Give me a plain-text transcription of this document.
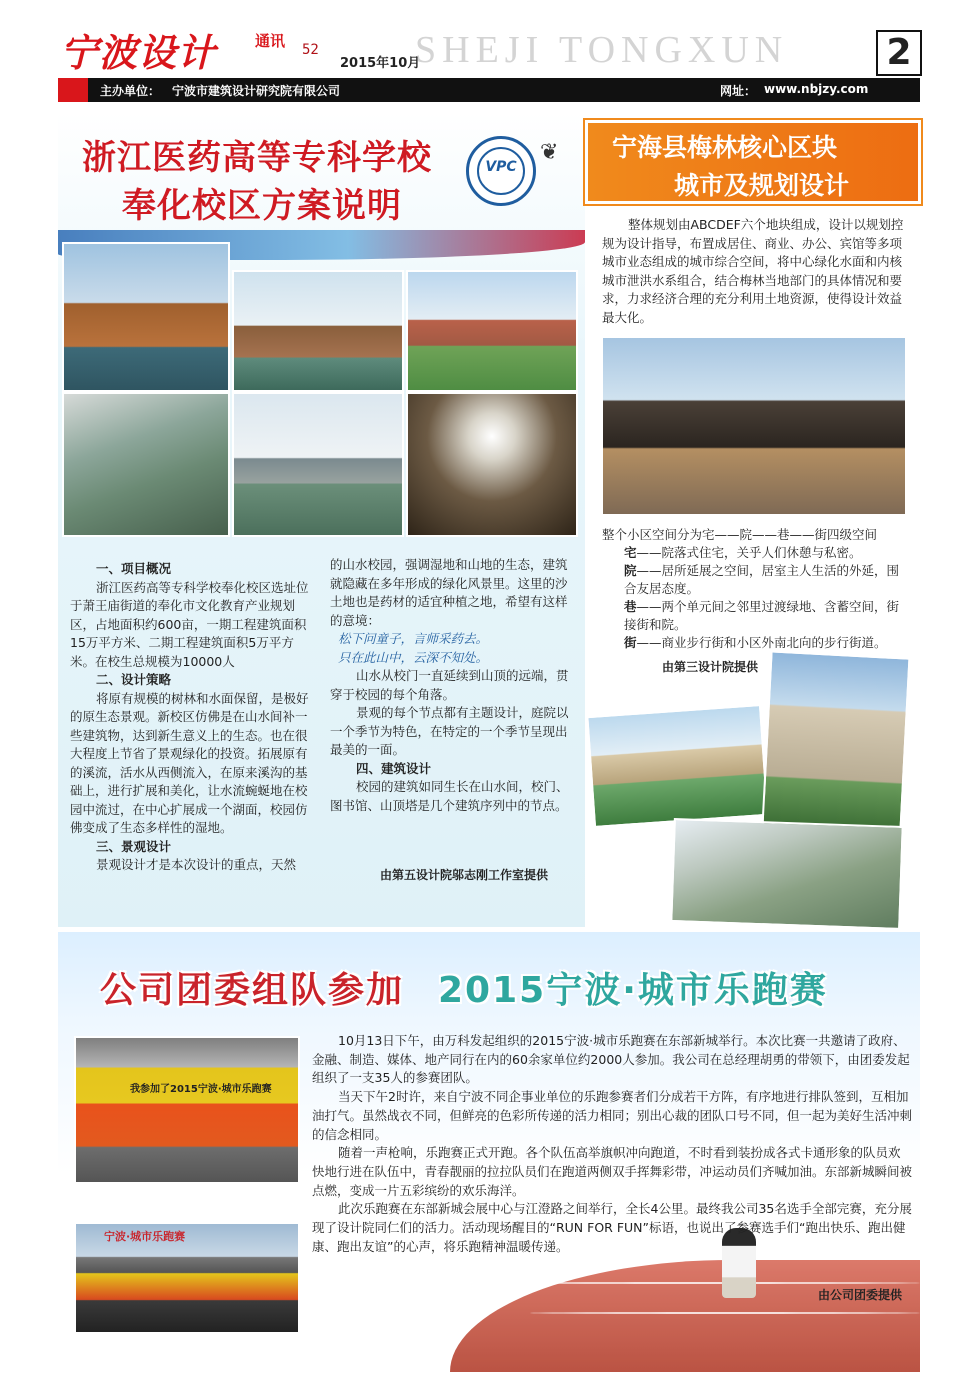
宁波设计	通讯 52
2015年10月
SHEJI TONGXUN	2
主办单位： 宁波市建筑设计研究院有限公司	网址： www.nbjzy.com
浙江医药高等专科学校
奉化校区方案说明
VPC
❦
一、项目概况
浙江医药高等专科学校奉化校区选址位于萧王庙街道的奉化市文化教育产业规划区，占地面积约600亩，一期工程建筑面积15万平方米、二期工程建筑面积5万平方米。在校生总规模为10000人
二、设计策略
将原有规模的树林和水面保留，是极好的原生态景观。新校区仿佛是在山水间补一些建筑物，达到新生意义上的生态。也在很大程度上节省了景观绿化的投资。拓展原有的溪流，活水从西侧流入，在原来溪沟的基础上，进行扩展和美化，让水流蜿蜒地在校园中流过，在中心扩展成一个湖面，校园仿佛变成了生态多样性的湿地。
三、景观设计
景观设计才是本次设计的重点，天然
的山水校园，强调湿地和山地的生态，建筑就隐藏在多年形成的绿化风景里。这里的沙土地也是药材的适宜种植之地，希望有这样的意境：
松下问童子，言师采药去。
只在此山中，云深不知处。
山水从校门一直延续到山顶的远端，贯穿于校园的每个角落。
景观的每个节点都有主题设计，庭院以一个季节为特色，在特定的一个季节呈现出最美的一面。
四、建筑设计
校园的建筑如同生长在山水间，校门、图书馆、山顶塔是几个建筑序列中的节点。
由第五设计院邬志刚工作室提供
宁海县梅林核心区块
城市及规划设计
整体规划由ABCDEF六个地块组成，设计以规划控规为设计指导，布置成居住、商业、办公、宾馆等多项城市业态组成的城市综合空间，将中心绿化水面和内核城市泄洪水系组合，结合梅林当地部门的具体情况和要求，力求经济合理的充分利用土地资源，使得设计效益最大化。
整个小区空间分为宅——院——巷——街四级空间
宅——院落式住宅，关乎人们休憩与私密。
院——居所延展之空间，居室主人生活的外延，围合友居态度。
巷——两个单元间之邻里过渡绿地、含蓄空间，街接街和院。
街——商业步行街和小区外南北向的步行街道。
由第三设计院提供
公司团委组队参加 2015宁波·城市乐跑赛
我参加了2015宁波·城市乐跑赛
宁波·城市乐跑赛
10月13日下午，由万科发起组织的2015宁波·城市乐跑赛在东部新城举行。本次比赛一共邀请了政府、金融、制造、媒体、地产同行在内的60余家单位约2000人参加。我公司在总经理胡勇的带领下，由团委发起组织了一支35人的参赛团队。
当天下午2时许，来自宁波不同企事业单位的乐跑参赛者们分成若干方阵，有序地进行排队签到，互相加油打气。虽然战衣不同，但鲜亮的色彩所传递的活力相同；别出心裁的团队口号不同，但一起为美好生活冲刺的信念相同。
随着一声枪响，乐跑赛正式开跑。各个队伍高举旗帜冲向跑道，不时看到装扮成各式卡通形象的队员欢快地行进在队伍中，青春靓丽的拉拉队员们在跑道两侧双手挥舞彩带，冲运动员们齐喊加油。东部新城瞬间被点燃，变成一片五彩缤纷的欢乐海洋。
此次乐跑赛在东部新城会展中心与江澄路之间举行，全长4公里。最终我公司35名选手全部完赛，充分展现了设计院同仁们的活力。活动现场醒目的“RUN FOR FUN”标语，也说出了参赛选手们“跑出快乐、跑出健康、跑出友谊”的心声，将乐跑精神温暖传递。
由公司团委提供
